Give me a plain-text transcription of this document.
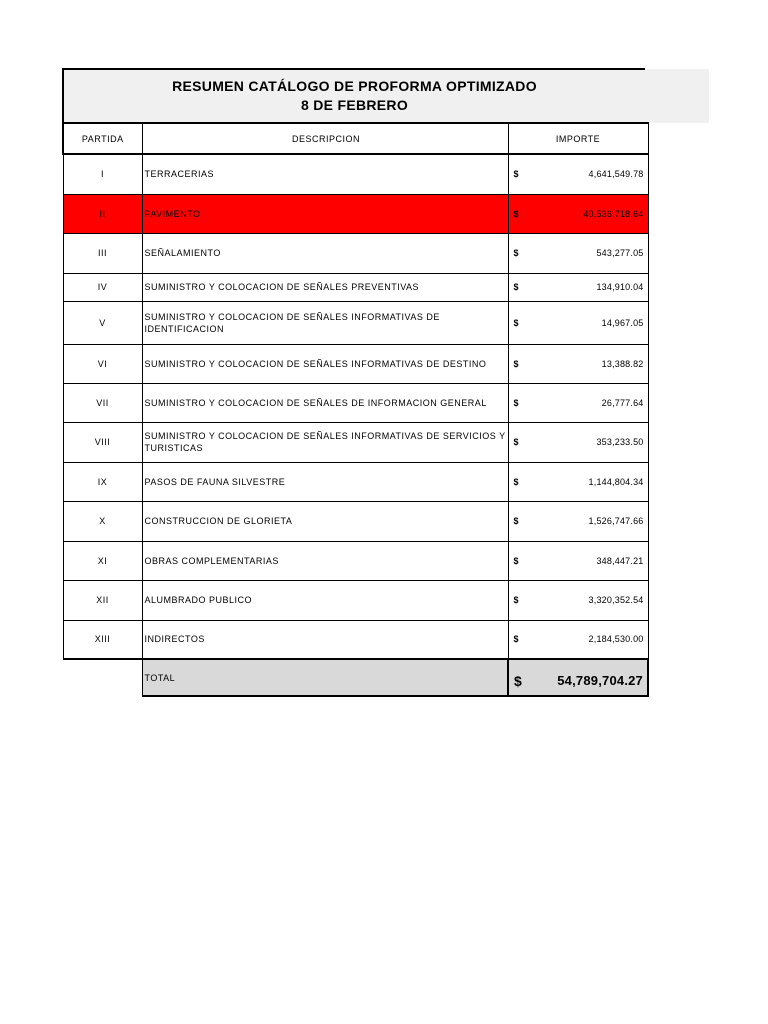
RESUMEN CATÁLOGO DE PROFORMA OPTIMIZADO
8 DE FEBRERO
PARTIDA	DESCRIPCION	IMPORTE
I	TERRACERIAS	$ 4,641,549.78

II	PAVIMENTO	$ 40,536,718.64

III	SEÑALAMIENTO	$ 543,277.05

IV	SUMINISTRO Y COLOCACION DE SEÑALES PREVENTIVAS	$ 134,910.04

V	SUMINISTRO Y COLOCACION DE SEÑALES INFORMATIVAS DE IDENTIFICACION	$ 14,967.05

VI	SUMINISTRO Y COLOCACION DE SEÑALES INFORMATIVAS DE DESTINO	$ 13,388.82

VII	SUMINISTRO Y COLOCACION DE SEÑALES DE INFORMACION GENERAL	$ 26,777.64

VIII	SUMINISTRO Y COLOCACION DE SEÑALES INFORMATIVAS DE SERVICIOS Y TURISTICAS	$ 353,233.50

IX	PASOS DE FAUNA SILVESTRE	$ 1,144,804.34

X	CONSTRUCCION DE GLORIETA	$ 1,526,747.66

XI	OBRAS COMPLEMENTARIAS	$ 348,447.21

XII	ALUMBRADO PUBLICO	$ 3,320,352.54

XIII	INDIRECTOS	$ 2,184,530.00

	TOTAL	$ 54,789,704.27
